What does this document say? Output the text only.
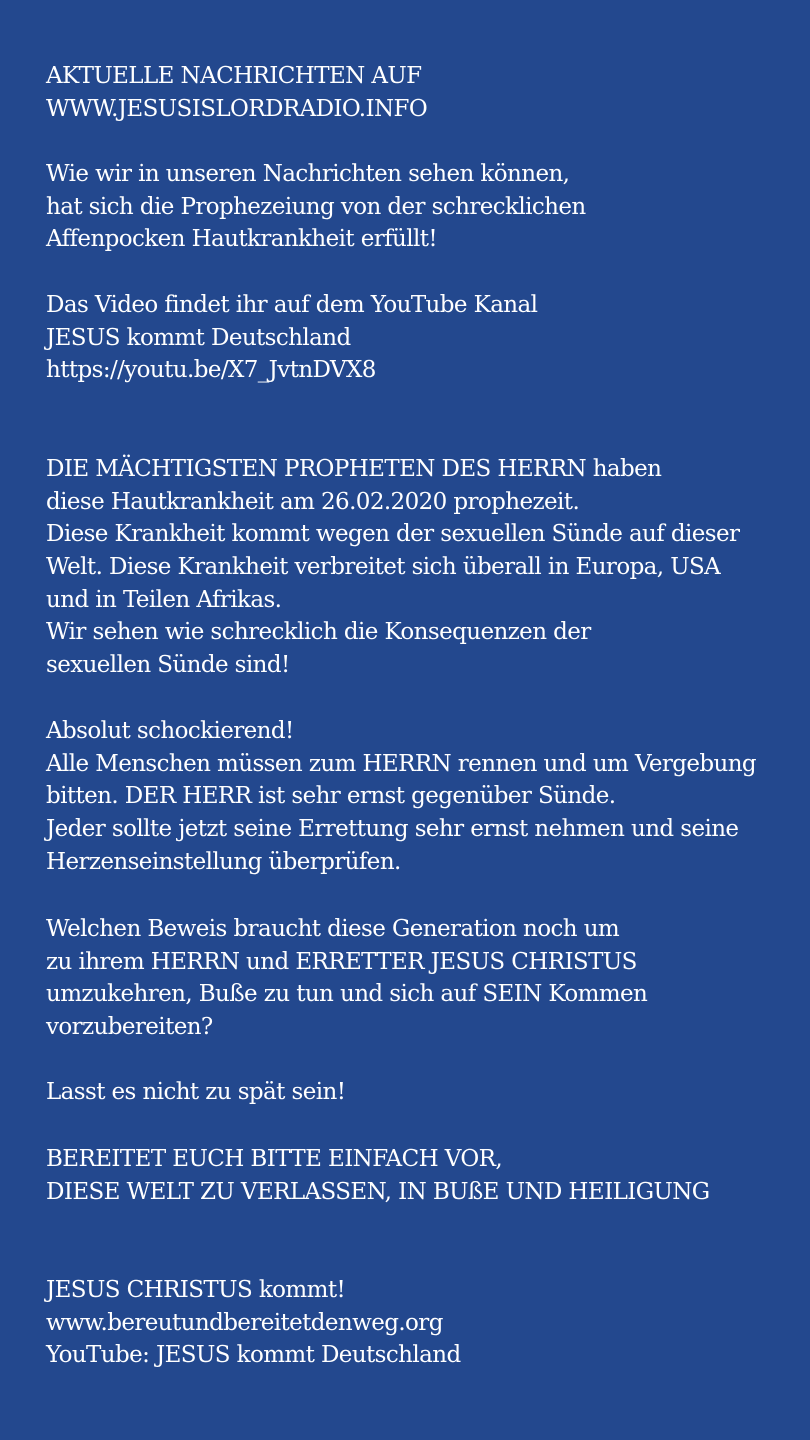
AKTUELLE NACHRICHTEN AUF
WWW.JESUSISLORDRADIO.INFO
Wie wir in unseren Nachrichten sehen können,
hat sich die Prophezeiung von der schrecklichen
Affenpocken Hautkrankheit erfüllt!
Das Video findet ihr auf dem YouTube Kanal
JESUS kommt Deutschland
https://youtu.be/X7_JvtnDVX8
DIE MÄCHTIGSTEN PROPHETEN DES HERRN haben
diese Hautkrankheit am 26.02.2020 prophezeit.
Diese Krankheit kommt wegen der sexuellen Sünde auf dieser
Welt. Diese Krankheit verbreitet sich überall in Europa, USA
und in Teilen Afrikas.
Wir sehen wie schrecklich die Konsequenzen der
sexuellen Sünde sind!
Absolut schockierend!
Alle Menschen müssen zum HERRN rennen und um Vergebung
bitten. DER HERR ist sehr ernst gegenüber Sünde.
Jeder sollte jetzt seine Errettung sehr ernst nehmen und seine
Herzenseinstellung überprüfen.
Welchen Beweis braucht diese Generation noch um
zu ihrem HERRN und ERRETTER JESUS CHRISTUS
umzukehren, Buße zu tun und sich auf SEIN Kommen
vorzubereiten?
Lasst es nicht zu spät sein!
BEREITET EUCH BITTE EINFACH VOR,
DIESE WELT ZU VERLASSEN, IN BUßE UND HEILIGUNG
JESUS CHRISTUS kommt!
www.bereutundbereitetdenweg.org
YouTube: JESUS kommt Deutschland
